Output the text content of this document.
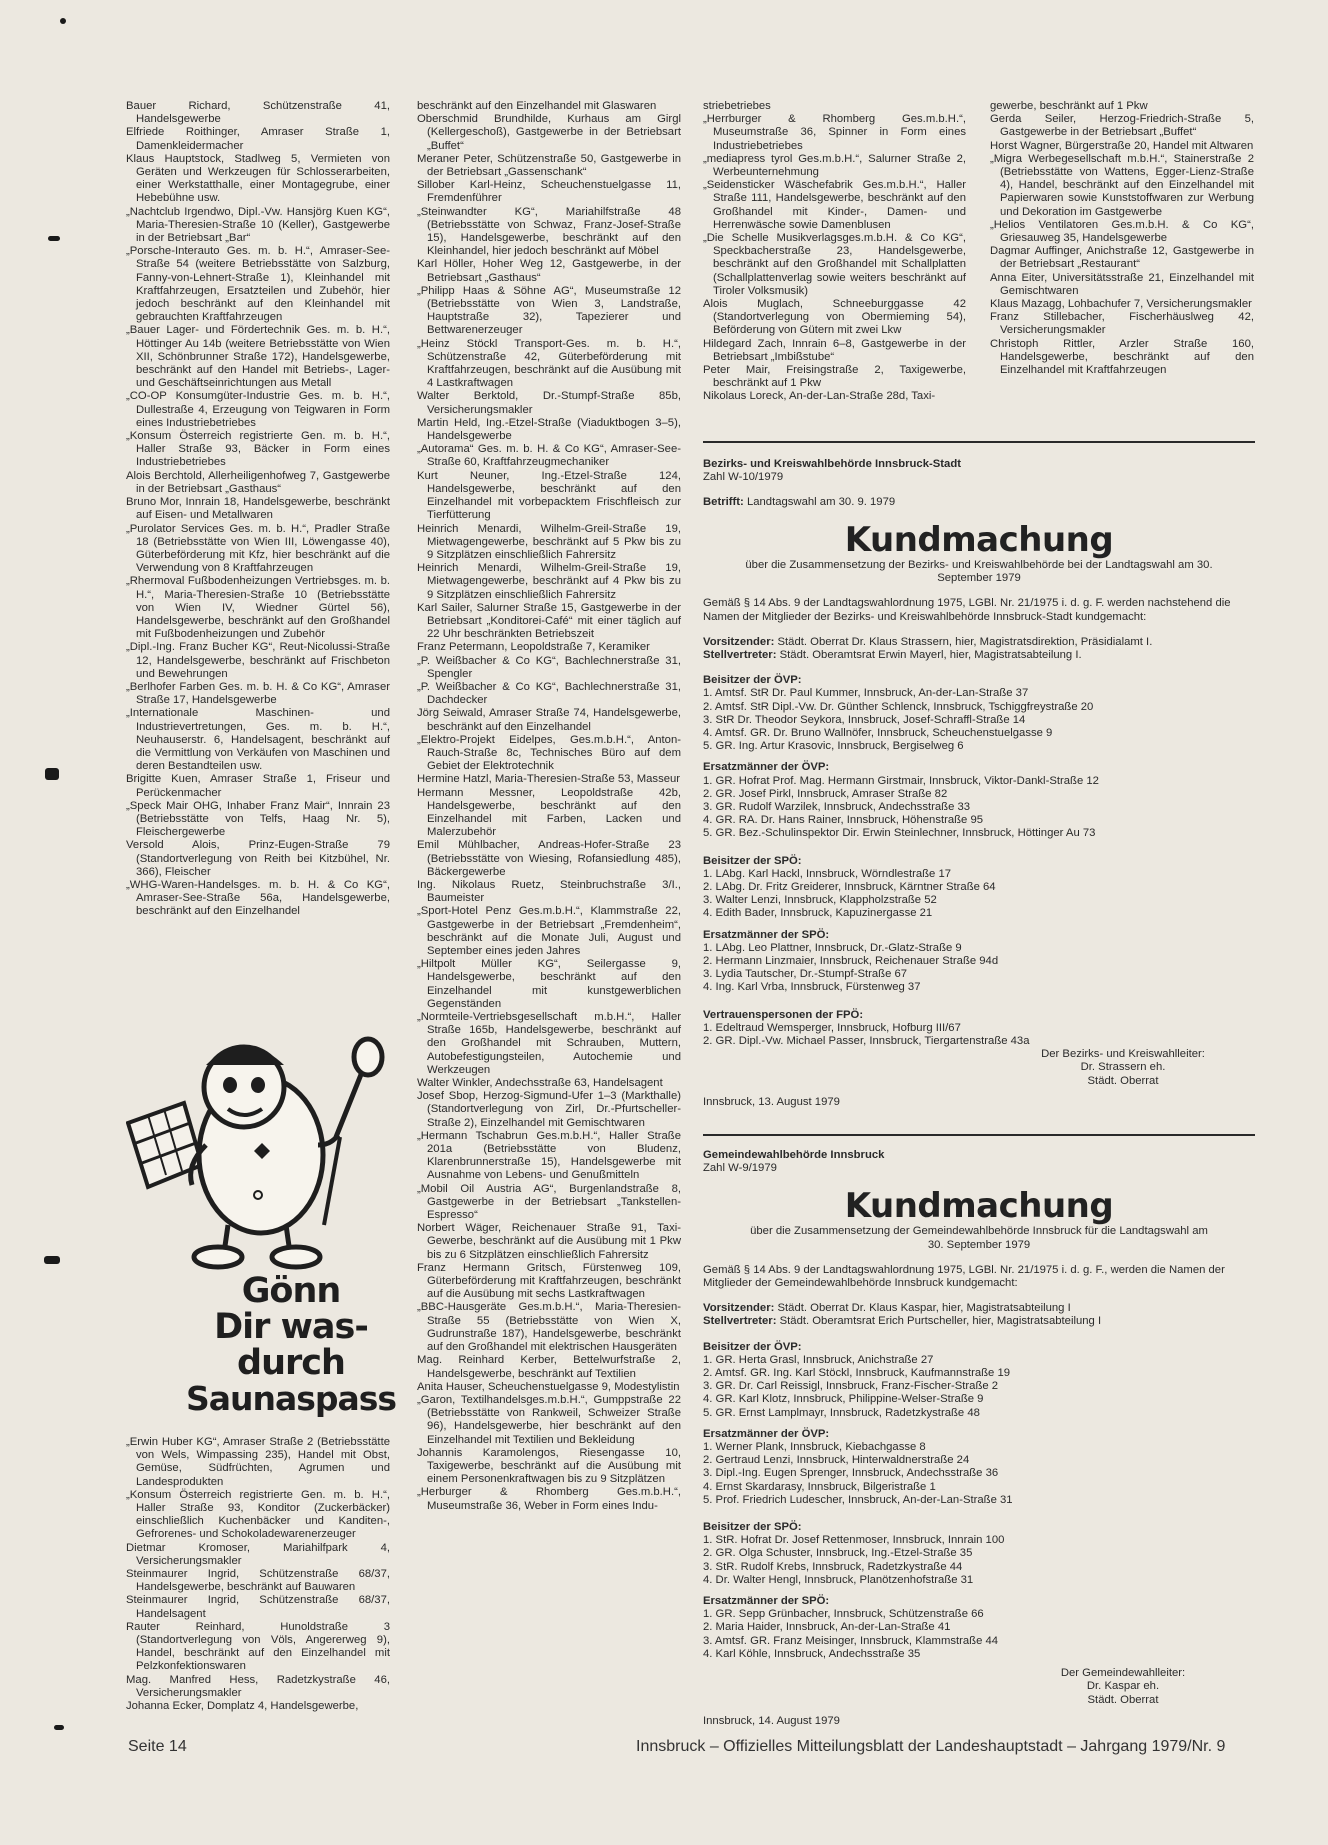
Bauer Richard, Schützenstraße 41, Handelsgewerbe

Elfriede Roithinger, Amraser Straße 1, Damenkleidermacher

Klaus Hauptstock, Stadlweg 5, Vermieten von Geräten und Werkzeugen für Schlosserarbeiten, einer Werkstatthalle, einer Montagegrube, einer Hebebühne usw.

„Nachtclub Irgendwo, Dipl.-Vw. Hansjörg Kuen KG“, Maria-Theresien-Straße 10 (Keller), Gastgewerbe in der Betriebsart „Bar“

„Porsche-Interauto Ges. m. b. H.“, Amraser-See-Straße 54 (weitere Betriebsstätte von Salzburg, Fanny-von-Lehnert-Straße 1), Kleinhandel mit Kraftfahrzeugen, Ersatzteilen und Zubehör, hier jedoch beschränkt auf den Kleinhandel mit gebrauchten Kraftfahrzeugen

„Bauer Lager- und Fördertechnik Ges. m. b. H.“, Höttinger Au 14b (weitere Betriebsstätte von Wien XII, Schönbrunner Straße 172), Handelsgewerbe, beschränkt auf den Handel mit Betriebs-, Lager- und Geschäftseinrichtungen aus Metall

„CO-OP Konsumgüter-Industrie Ges. m. b. H.“, Dullestraße 4, Erzeugung von Teigwaren in Form eines Industriebetriebes

„Konsum Österreich registrierte Gen. m. b. H.“, Haller Straße 93, Bäcker in Form eines Industriebetriebes

Alois Berchtold, Allerheiligenhofweg 7, Gastgewerbe in der Betriebsart „Gasthaus“

Bruno Mor, Innrain 18, Handelsgewerbe, beschränkt auf Eisen- und Metallwaren

„Purolator Services Ges. m. b. H.“, Pradler Straße 18 (Betriebsstätte von Wien III, Löwengasse 40), Güterbeförderung mit Kfz, hier beschränkt auf die Verwendung von 8 Kraftfahrzeugen

„Rhermoval Fußbodenheizungen Vertriebsges. m. b. H.“, Maria-Theresien-Straße 10 (Betriebsstätte von Wien IV, Wiedner Gürtel 56), Handelsgewerbe, beschränkt auf den Großhandel mit Fußbodenheizungen und Zubehör

„Dipl.-Ing. Franz Bucher KG“, Reut-Nicolussi-Straße 12, Handelsgewerbe, beschränkt auf Frischbeton und Bewehrungen

„Berlhofer Farben Ges. m. b. H. & Co KG“, Amraser Straße 17, Handelsgewerbe

„Internationale Maschinen- und Industrievertretungen, Ges. m. b. H.“, Neuhauserstr. 6, Handelsagent, beschränkt auf die Vermittlung von Verkäufen von Maschinen und deren Bestandteilen usw.

Brigitte Kuen, Amraser Straße 1, Friseur und Perückenmacher

„Speck Mair OHG, Inhaber Franz Mair“, Innrain 23 (Betriebsstätte von Telfs, Haag Nr. 5), Fleischergewerbe

Versold Alois, Prinz-Eugen-Straße 79 (Standortverlegung von Reith bei Kitzbühel, Nr. 366), Fleischer

„WHG-Waren-Handelsges. m. b. H. & Co KG“, Amraser-See-Straße 56a, Handelsgewerbe, beschränkt auf den Einzelhandel

Gönn
Dir was-
durch
Saunaspass

„Erwin Huber KG“, Amraser Straße 2 (Betriebsstätte von Wels, Wimpassing 235), Handel mit Obst, Gemüse, Südfrüchten, Agrumen und Landesprodukten

„Konsum Österreich registrierte Gen. m. b. H.“, Haller Straße 93, Konditor (Zuckerbäcker) einschließlich Kuchenbäcker und Kanditen-, Gefrorenes- und Schokoladewarenerzeuger

Dietmar Kromoser, Mariahilfpark 4, Versicherungsmakler

Steinmaurer Ingrid, Schützenstraße 68/37, Handelsgewerbe, beschränkt auf Bauwaren

Steinmaurer Ingrid, Schützenstraße 68/37, Handelsagent

Rauter Reinhard, Hunoldstraße 3 (Standortverlegung von Völs, Angererweg 9), Handel, beschränkt auf den Einzelhandel mit Pelzkonfektionswaren

Mag. Manfred Hess, Radetzkystraße 46, Versicherungsmakler

Johanna Ecker, Domplatz 4, Handelsgewerbe,

beschränkt auf den Einzelhandel mit Glaswaren

Oberschmid Brundhilde, Kurhaus am Girgl (Kellergeschoß), Gastgewerbe in der Betriebsart „Buffet“

Meraner Peter, Schützenstraße 50, Gastgewerbe in der Betriebsart „Gassenschank“

Sillober Karl-Heinz, Scheuchenstuelgasse 11, Fremdenführer

„Steinwandter KG“, Mariahilfstraße 48 (Betriebsstätte von Schwaz, Franz-Josef-Straße 15), Handelsgewerbe, beschränkt auf den Kleinhandel, hier jedoch beschränkt auf Möbel

Karl Höller, Hoher Weg 12, Gastgewerbe, in der Betriebsart „Gasthaus“

„Philipp Haas & Söhne AG“, Museumstraße 12 (Betriebsstätte von Wien 3, Landstraße, Hauptstraße 32), Tapezierer und Bettwarenerzeuger

„Heinz Stöckl Transport-Ges. m. b. H.“, Schützenstraße 42, Güterbeförderung mit Kraftfahrzeugen, beschränkt auf die Ausübung mit 4 Lastkraftwagen

Walter Berktold, Dr.-Stumpf-Straße 85b, Versicherungsmakler

Martin Held, Ing.-Etzel-Straße (Viaduktbogen 3–5), Handelsgewerbe

„Autorama“ Ges. m. b. H. & Co KG“, Amraser-See-Straße 60, Kraftfahrzeugmechaniker

Kurt Neuner, Ing.-Etzel-Straße 124, Handelsgewerbe, beschränkt auf den Einzelhandel mit vorbepacktem Frischfleisch zur Tierfütterung

Heinrich Menardi, Wilhelm-Greil-Straße 19, Mietwagengewerbe, beschränkt auf 5 Pkw bis zu 9 Sitzplätzen einschließlich Fahrersitz

Heinrich Menardi, Wilhelm-Greil-Straße 19, Mietwagengewerbe, beschränkt auf 4 Pkw bis zu 9 Sitzplätzen einschließlich Fahrersitz

Karl Sailer, Salurner Straße 15, Gastgewerbe in der Betriebsart „Konditorei-Café“ mit einer täglich auf 22 Uhr beschränkten Betriebszeit

Franz Petermann, Leopoldstraße 7, Keramiker

„P. Weißbacher & Co KG“, Bachlechnerstraße 31, Spengler

„P. Weißbacher & Co KG“, Bachlechnerstraße 31, Dachdecker

Jörg Seiwald, Amraser Straße 74, Handelsgewerbe, beschränkt auf den Einzelhandel

„Elektro-Projekt Eidelpes, Ges.m.b.H.“, Anton-Rauch-Straße 8c, Technisches Büro auf dem Gebiet der Elektrotechnik

Hermine Hatzl, Maria-Theresien-Straße 53, Masseur

Hermann Messner, Leopoldstraße 42b, Handelsgewerbe, beschränkt auf den Einzelhandel mit Farben, Lacken und Malerzubehör

Emil Mühlbacher, Andreas-Hofer-Straße 23 (Betriebsstätte von Wiesing, Rofansiedlung 485), Bäckergewerbe

Ing. Nikolaus Ruetz, Steinbruchstraße 3/I., Baumeister

„Sport-Hotel Penz Ges.m.b.H.“, Klammstraße 22, Gastgewerbe in der Betriebsart „Fremdenheim“, beschränkt auf die Monate Juli, August und September eines jeden Jahres

„Hiltpolt Müller KG“, Seilergasse 9, Handelsgewerbe, beschränkt auf den Einzelhandel mit kunstgewerblichen Gegenständen

„Normteile-Vertriebsgesellschaft m.b.H.“, Haller Straße 165b, Handelsgewerbe, beschränkt auf den Großhandel mit Schrauben, Muttern, Autobefestigungsteilen, Autochemie und Werkzeugen

Walter Winkler, Andechsstraße 63, Handelsagent

Josef Sbop, Herzog-Sigmund-Ufer 1–3 (Markthalle) (Standortverlegung von Zirl, Dr.-Pfurtscheller-Straße 2), Einzelhandel mit Gemischtwaren

„Hermann Tschabrun Ges.m.b.H.“, Haller Straße 201a (Betriebsstätte von Bludenz, Klarenbrunnerstraße 15), Handelsgewerbe mit Ausnahme von Lebens- und Genußmitteln

„Mobil Oil Austria AG“, Burgenlandstraße 8, Gastgewerbe in der Betriebsart „Tankstellen-Espresso“

Norbert Wäger, Reichenauer Straße 91, Taxi-Gewerbe, beschränkt auf die Ausübung mit 1 Pkw bis zu 6 Sitzplätzen einschließlich Fahrersitz

Franz Hermann Gritsch, Fürstenweg 109, Güterbeförderung mit Kraftfahrzeugen, beschränkt auf die Ausübung mit sechs Lastkraftwagen

„BBC-Hausgeräte Ges.m.b.H.“, Maria-Theresien-Straße 55 (Betriebsstätte von Wien X, Gudrunstraße 187), Handelsgewerbe, beschränkt auf den Großhandel mit elektrischen Hausgeräten

Mag. Reinhard Kerber, Bettelwurfstraße 2, Handelsgewerbe, beschränkt auf Textilien

Anita Hauser, Scheuchenstuelgasse 9, Modestylistin

„Garon, Textilhandelsges.m.b.H.“, Gumppstraße 22 (Betriebsstätte von Rankweil, Schweizer Straße 96), Handelsgewerbe, hier beschränkt auf den Einzelhandel mit Textilien und Bekleidung

Johannis Karamolengos, Riesengasse 10, Taxigewerbe, beschränkt auf die Ausübung mit einem Personenkraftwagen bis zu 9 Sitzplätzen

„Herburger & Rhomberg Ges.m.b.H.“, Museumstraße 36, Weber in Form eines Indu-

striebetriebes

„Herrburger & Rhomberg Ges.m.b.H.“, Museumstraße 36, Spinner in Form eines Industriebetriebes

„mediapress tyrol Ges.m.b.H.“, Salurner Straße 2, Werbeunternehmung

„Seidensticker Wäschefabrik Ges.m.b.H.“, Haller Straße 111, Handelsgewerbe, beschränkt auf den Großhandel mit Kinder-, Damen- und Herrenwäsche sowie Damenblusen

„Die Schelle Musikverlagsges.m.b.H. & Co KG“, Speckbacherstraße 23, Handelsgewerbe, beschränkt auf den Großhandel mit Schallplatten (Schallplattenverlag sowie weiters beschränkt auf Tiroler Volksmusik)

Alois Muglach, Schneeburggasse 42 (Standortverlegung von Obermieming 54), Beförderung von Gütern mit zwei Lkw

Hildegard Zach, Innrain 6–8, Gastgewerbe in der Betriebsart „Imbißstube“

Peter Mair, Freisingstraße 2, Taxigewerbe, beschränkt auf 1 Pkw

Nikolaus Loreck, An-der-Lan-Straße 28d, Taxi-

gewerbe, beschränkt auf 1 Pkw

Gerda Seiler, Herzog-Friedrich-Straße 5, Gastgewerbe in der Betriebsart „Buffet“

Horst Wagner, Bürgerstraße 20, Handel mit Altwaren

„Migra Werbegesellschaft m.b.H.“, Stainerstraße 2 (Betriebsstätte von Wattens, Egger-Lienz-Straße 4), Handel, beschränkt auf den Einzelhandel mit Papierwaren sowie Kunststoffwaren zur Werbung und Dekoration im Gastgewerbe

„Helios Ventilatoren Ges.m.b.H. & Co KG“, Griesauweg 35, Handelsgewerbe

Dagmar Auffinger, Anichstraße 12, Gastgewerbe in der Betriebsart „Restaurant“

Anna Eiter, Universitätsstraße 21, Einzelhandel mit Gemischtwaren

Klaus Mazagg, Lohbachufer 7, Versicherungsmakler

Franz Stillebacher, Fischerhäuslweg 42, Versicherungsmakler

Christoph Rittler, Arzler Straße 160, Handelsgewerbe, beschränkt auf den Einzelhandel mit Kraftfahrzeugen

Bezirks- und Kreiswahlbehörde Innsbruck-Stadt

Zahl W-10/1979

Betrifft: Landtagswahl am 30. 9. 1979

Kundmachung

über die Zusammensetzung der Bezirks- und Kreiswahlbehörde bei der Landtagswahl am 30. September 1979

Gemäß § 14 Abs. 9 der Landtagswahlordnung 1975, LGBl. Nr. 21/1975 i. d. g. F. werden nachstehend die Namen der Mitglieder der Bezirks- und Kreiswahlbehörde Innsbruck-Stadt kundgemacht:

Vorsitzender: Städt. Oberrat Dr. Klaus Strassern, hier, Magistratsdirektion, Präsidialamt I.

Stellvertreter: Städt. Oberamtsrat Erwin Mayerl, hier, Magistratsabteilung I.

Beisitzer der ÖVP:

1. Amtsf. StR Dr. Paul Kummer, Innsbruck, An-der-Lan-Straße 37

2. Amtsf. StR Dipl.-Vw. Dr. Günther Schlenck, Innsbruck, Tschiggfreystraße 20

3. StR Dr. Theodor Seykora, Innsbruck, Josef-Schraffl-Straße 14

4. Amtsf. GR. Dr. Bruno Wallnöfer, Innsbruck, Scheuchenstuelgasse 9

5. GR. Ing. Artur Krasovic, Innsbruck, Bergiselweg 6

Ersatzmänner der ÖVP:

1. GR. Hofrat Prof. Mag. Hermann Girstmair, Innsbruck, Viktor-Dankl-Straße 12

2. GR. Josef Pirkl, Innsbruck, Amraser Straße 82

3. GR. Rudolf Warzilek, Innsbruck, Andechsstraße 33

4. GR. RA. Dr. Hans Rainer, Innsbruck, Höhenstraße 95

5. GR. Bez.-Schulinspektor Dir. Erwin Steinlechner, Innsbruck, Höttinger Au 73

Beisitzer der SPÖ:

1. LAbg. Karl Hackl, Innsbruck, Wörndlestraße 17

2. LAbg. Dr. Fritz Greiderer, Innsbruck, Kärntner Straße 64

3. Walter Lenzi, Innsbruck, Klappholzstraße 52

4. Edith Bader, Innsbruck, Kapuzinergasse 21

Ersatzmänner der SPÖ:

1. LAbg. Leo Plattner, Innsbruck, Dr.-Glatz-Straße 9

2. Hermann Linzmaier, Innsbruck, Reichenauer Straße 94d

3. Lydia Tautscher, Dr.-Stumpf-Straße 67

4. Ing. Karl Vrba, Innsbruck, Fürstenweg 37

Vertrauenspersonen der FPÖ:

1. Edeltraud Wemsperger, Innsbruck, Hofburg III/67

2. GR. Dipl.-Vw. Michael Passer, Innsbruck, Tiergartenstraße 43a

Der Bezirks- und Kreiswahlleiter:

Dr. Strassern eh.

Städt. Oberrat

Innsbruck, 13. August 1979

Gemeindewahlbehörde Innsbruck

Zahl W-9/1979

Kundmachung

über die Zusammensetzung der Gemeindewahlbehörde Innsbruck für die Landtagswahl am 30. September 1979

Gemäß § 14 Abs. 9 der Landtagswahlordnung 1975, LGBl. Nr. 21/1975 i. d. g. F., werden die Namen der Mitglieder der Gemeindewahlbehörde Innsbruck kundgemacht:

Vorsitzender: Städt. Oberrat Dr. Klaus Kaspar, hier, Magistratsabteilung I

Stellvertreter: Städt. Oberamtsrat Erich Purtscheller, hier, Magistratsabteilung I

Beisitzer der ÖVP:

1. GR. Herta Grasl, Innsbruck, Anichstraße 27

2. Amtsf. GR. Ing. Karl Stöckl, Innsbruck, Kaufmannstraße 19

3. GR. Dr. Carl Reissigl, Innsbruck, Franz-Fischer-Straße 2

4. GR. Karl Klotz, Innsbruck, Philippine-Welser-Straße 9

5. GR. Ernst Lamplmayr, Innsbruck, Radetzkystraße 48

Ersatzmänner der ÖVP:

1. Werner Plank, Innsbruck, Kiebachgasse 8

2. Gertraud Lenzi, Innsbruck, Hinterwaldnerstraße 24

3. Dipl.-Ing. Eugen Sprenger, Innsbruck, Andechsstraße 36

4. Ernst Skardarasy, Innsbruck, Bilgeristraße 1

5. Prof. Friedrich Ludescher, Innsbruck, An-der-Lan-Straße 31

Beisitzer der SPÖ:

1. StR. Hofrat Dr. Josef Rettenmoser, Innsbruck, Innrain 100

2. GR. Olga Schuster, Innsbruck, Ing.-Etzel-Straße 35

3. StR. Rudolf Krebs, Innsbruck, Radetzkystraße 44

4. Dr. Walter Hengl, Innsbruck, Planötzenhofstraße 31

Ersatzmänner der SPÖ:

1. GR. Sepp Grünbacher, Innsbruck, Schützenstraße 66

2. Maria Haider, Innsbruck, An-der-Lan-Straße 41

3. Amtsf. GR. Franz Meisinger, Innsbruck, Klammstraße 44

4. Karl Köhle, Innsbruck, Andechsstraße 35

Der Gemeindewahlleiter:

Dr. Kaspar eh.

Städt. Oberrat

Innsbruck, 14. August 1979

Seite 14	Innsbruck – Offizielles Mitteilungsblatt der Landeshauptstadt – Jahrgang 1979/Nr. 9
